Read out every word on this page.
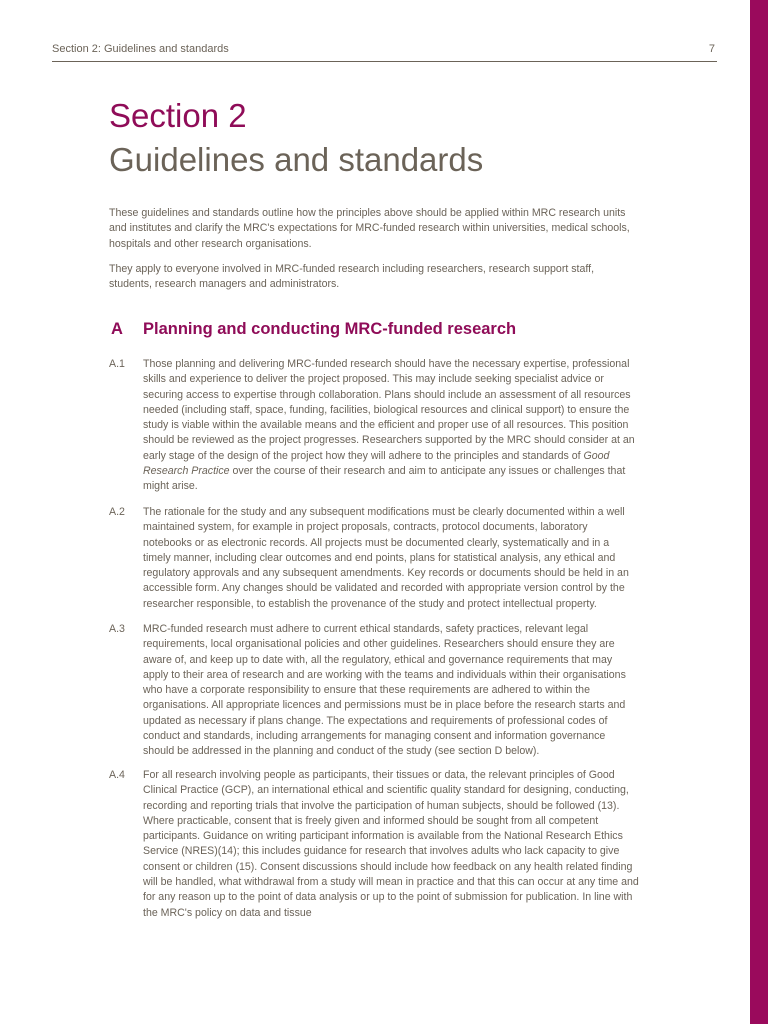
Section 2: Guidelines and standards	7
Section 2
Guidelines and standards

These guidelines and standards outline how the principles above should be applied within MRC research units and institutes and clarify the MRC's expectations for MRC-funded research within universities, medical schools, hospitals and other research organisations.

They apply to everyone involved in MRC-funded research including researchers, research support staff, students, research managers and administrators.

A Planning and conducting MRC-funded research
A.1 Those planning and delivering MRC-funded research should have the necessary expertise, professional skills and experience to deliver the project proposed. This may include seeking specialist advice or securing access to expertise through collaboration. Plans should include an assessment of all resources needed (including staff, space, funding, facilities, biological resources and clinical support) to ensure the study is viable within the available means and the efficient and proper use of all resources. This position should be reviewed as the project progresses. Researchers supported by the MRC should consider at an early stage of the design of the project how they will adhere to the principles and standards of Good Research Practice over the course of their research and aim to anticipate any issues or challenges that might arise.
A.2 The rationale for the study and any subsequent modifications must be clearly documented within a well maintained system, for example in project proposals, contracts, protocol documents, laboratory notebooks or as electronic records. All projects must be documented clearly, systematically and in a timely manner, including clear outcomes and end points, plans for statistical analysis, any ethical and regulatory approvals and any subsequent amendments. Key records or documents should be held in an accessible form. Any changes should be validated and recorded with appropriate version control by the researcher responsible, to establish the provenance of the study and protect intellectual property.
A.3 MRC-funded research must adhere to current ethical standards, safety practices, relevant legal requirements, local organisational policies and other guidelines. Researchers should ensure they are aware of, and keep up to date with, all the regulatory, ethical and governance requirements that may apply to their area of research and are working with the teams and individuals within their organisations who have a corporate responsibility to ensure that these requirements are adhered to within the organisations. All appropriate licences and permissions must be in place before the research starts and updated as necessary if plans change. The expectations and requirements of professional codes of conduct and standards, including arrangements for managing consent and information governance should be addressed in the planning and conduct of the study (see section D below).
A.4 For all research involving people as participants, their tissues or data, the relevant principles of Good Clinical Practice (GCP), an international ethical and scientific quality standard for designing, conducting, recording and reporting trials that involve the participation of human subjects, should be followed (13). Where practicable, consent that is freely given and informed should be sought from all competent participants. Guidance on writing participant information is available from the National Research Ethics Service (NRES)(14); this includes guidance for research that involves adults who lack capacity to give consent or children (15). Consent discussions should include how feedback on any health related finding will be handled, what withdrawal from a study will mean in practice and that this can occur at any time and for any reason up to the point of data analysis or up to the point of submission for publication. In line with the MRC's policy on data and tissue
